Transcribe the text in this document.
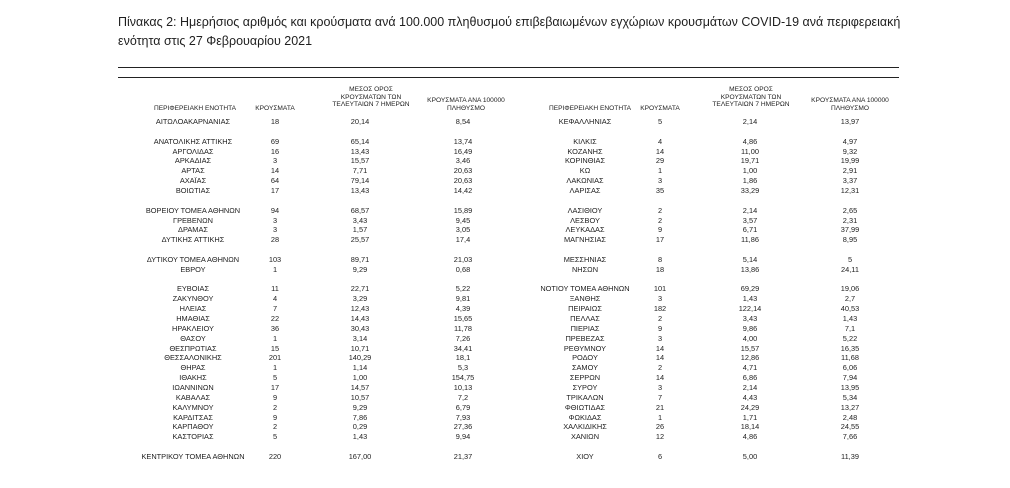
Πίνακας 2: Ημερήσιος αριθμός και κρούσματα ανά 100.000 πληθυσμού επιβεβαιωμένων εγχώριων κρουσμάτων COVID-19 ανά περιφερειακή ενότητα στις 27 Φεβρουαρίου 2021
ΠΕΡΙΦΕΡΕΙΑΚΗ ΕΝΟΤΗΤΑ	ΚΡΟΥΣΜΑΤΑ
ΜΕΣΟΣ ΟΡΟΣ ΚΡΟΥΣΜΑΤΩΝ ΤΩΝ ΤΕΛΕΥΤΑΙΩΝ 7 ΗΜΕΡΩΝ
ΚΡΟΥΣΜΑΤΑ ΑΝΑ 100000 ΠΛΗΘΥΣΜΟ	ΠΕΡΙΦΕΡΕΙΑΚΗ ΕΝΟΤΗΤΑ	ΚΡΟΥΣΜΑΤΑ
ΜΕΣΟΣ ΟΡΟΣ ΚΡΟΥΣΜΑΤΩΝ ΤΩΝ ΤΕΛΕΥΤΑΙΩΝ 7 ΗΜΕΡΩΝ
ΚΡΟΥΣΜΑΤΑ ΑΝΑ 100000 ΠΛΗΘΥΣΜΟ
ΑΙΤΩΛΟΑΚΑΡΝΑΝΙΑΣ	18	20,14	8,54
ΑΝΑΤΟΛΙΚΗΣ ΑΤΤΙΚΗΣ	69	65,14	13,74
ΑΡΓΟΛΙΔΑΣ	16	13,43	16,49
ΑΡΚΑΔΙΑΣ	3	15,57	3,46
ΑΡΤΑΣ	14	7,71	20,63
ΑΧΑΪΑΣ	64	79,14	20,63
ΒΟΙΩΤΙΑΣ	17	13,43	14,42
ΒΟΡΕΙΟΥ ΤΟΜΕΑ ΑΘΗΝΩΝ	94	68,57	15,89
ΓΡΕΒΕΝΩΝ	3	3,43	9,45
ΔΡΑΜΑΣ	3	1,57	3,05
ΔΥΤΙΚΗΣ ΑΤΤΙΚΗΣ	28	25,57	17,4
ΔΥΤΙΚΟΥ ΤΟΜΕΑ ΑΘΗΝΩΝ	103	89,71	21,03
ΕΒΡΟΥ	1	9,29	0,68
ΕΥΒΟΙΑΣ	11	22,71	5,22
ΖΑΚΥΝΘΟΥ	4	3,29	9,81
ΗΛΕΙΑΣ	7	12,43	4,39
ΗΜΑΘΙΑΣ	22	14,43	15,65
ΗΡΑΚΛΕΙΟΥ	36	30,43	11,78
ΘΑΣΟΥ	1	3,14	7,26
ΘΕΣΠΡΩΤΙΑΣ	15	10,71	34,41
ΘΕΣΣΑΛΟΝΙΚΗΣ	201	140,29	18,1
ΘΗΡΑΣ	1	1,14	5,3
ΙΘΑΚΗΣ	5	1,00	154,75
ΙΩΑΝΝΙΝΩΝ	17	14,57	10,13
ΚΑΒΑΛΑΣ	9	10,57	7,2
ΚΑΛΥΜΝΟΥ	2	9,29	6,79
ΚΑΡΔΙΤΣΑΣ	9	7,86	7,93
ΚΑΡΠΑΘΟΥ	2	0,29	27,36
ΚΑΣΤΟΡΙΑΣ	5	1,43	9,94
ΚΕΝΤΡΙΚΟΥ ΤΟΜΕΑ ΑΘΗΝΩΝ	220	167,00	21,37
ΚΕΦΑΛΛΗΝΙΑΣ	5	2,14	13,97
ΚΙΛΚΙΣ	4	4,86	4,97
ΚΟΖΑΝΗΣ	14	11,00	9,32
ΚΟΡΙΝΘΙΑΣ	29	19,71	19,99
ΚΩ	1	1,00	2,91
ΛΑΚΩΝΙΑΣ	3	1,86	3,37
ΛΑΡΙΣΑΣ	35	33,29	12,31
ΛΑΣΙΘΙΟΥ	2	2,14	2,65
ΛΕΣΒΟΥ	2	3,57	2,31
ΛΕΥΚΑΔΑΣ	9	6,71	37,99
ΜΑΓΝΗΣΙΑΣ	17	11,86	8,95
ΜΕΣΣΗΝΙΑΣ	8	5,14	5
ΝΗΣΩΝ	18	13,86	24,11
ΝΟΤΙΟΥ ΤΟΜΕΑ ΑΘΗΝΩΝ	101	69,29	19,06
ΞΑΝΘΗΣ	3	1,43	2,7
ΠΕΙΡΑΙΩΣ	182	122,14	40,53
ΠΕΛΛΑΣ	2	3,43	1,43
ΠΙΕΡΙΑΣ	9	9,86	7,1
ΠΡΕΒΕΖΑΣ	3	4,00	5,22
ΡΕΘΥΜΝΟΥ	14	15,57	16,35
ΡΟΔΟΥ	14	12,86	11,68
ΣΑΜΟΥ	2	4,71	6,06
ΣΕΡΡΩΝ	14	6,86	7,94
ΣΥΡΟΥ	3	2,14	13,95
ΤΡΙΚΑΛΩΝ	7	4,43	5,34
ΦΘΙΩΤΙΔΑΣ	21	24,29	13,27
ΦΩΚΙΔΑΣ	1	1,71	2,48
ΧΑΛΚΙΔΙΚΗΣ	26	18,14	24,55
ΧΑΝΙΩΝ	12	4,86	7,66
ΧΙΟΥ	6	5,00	11,39
